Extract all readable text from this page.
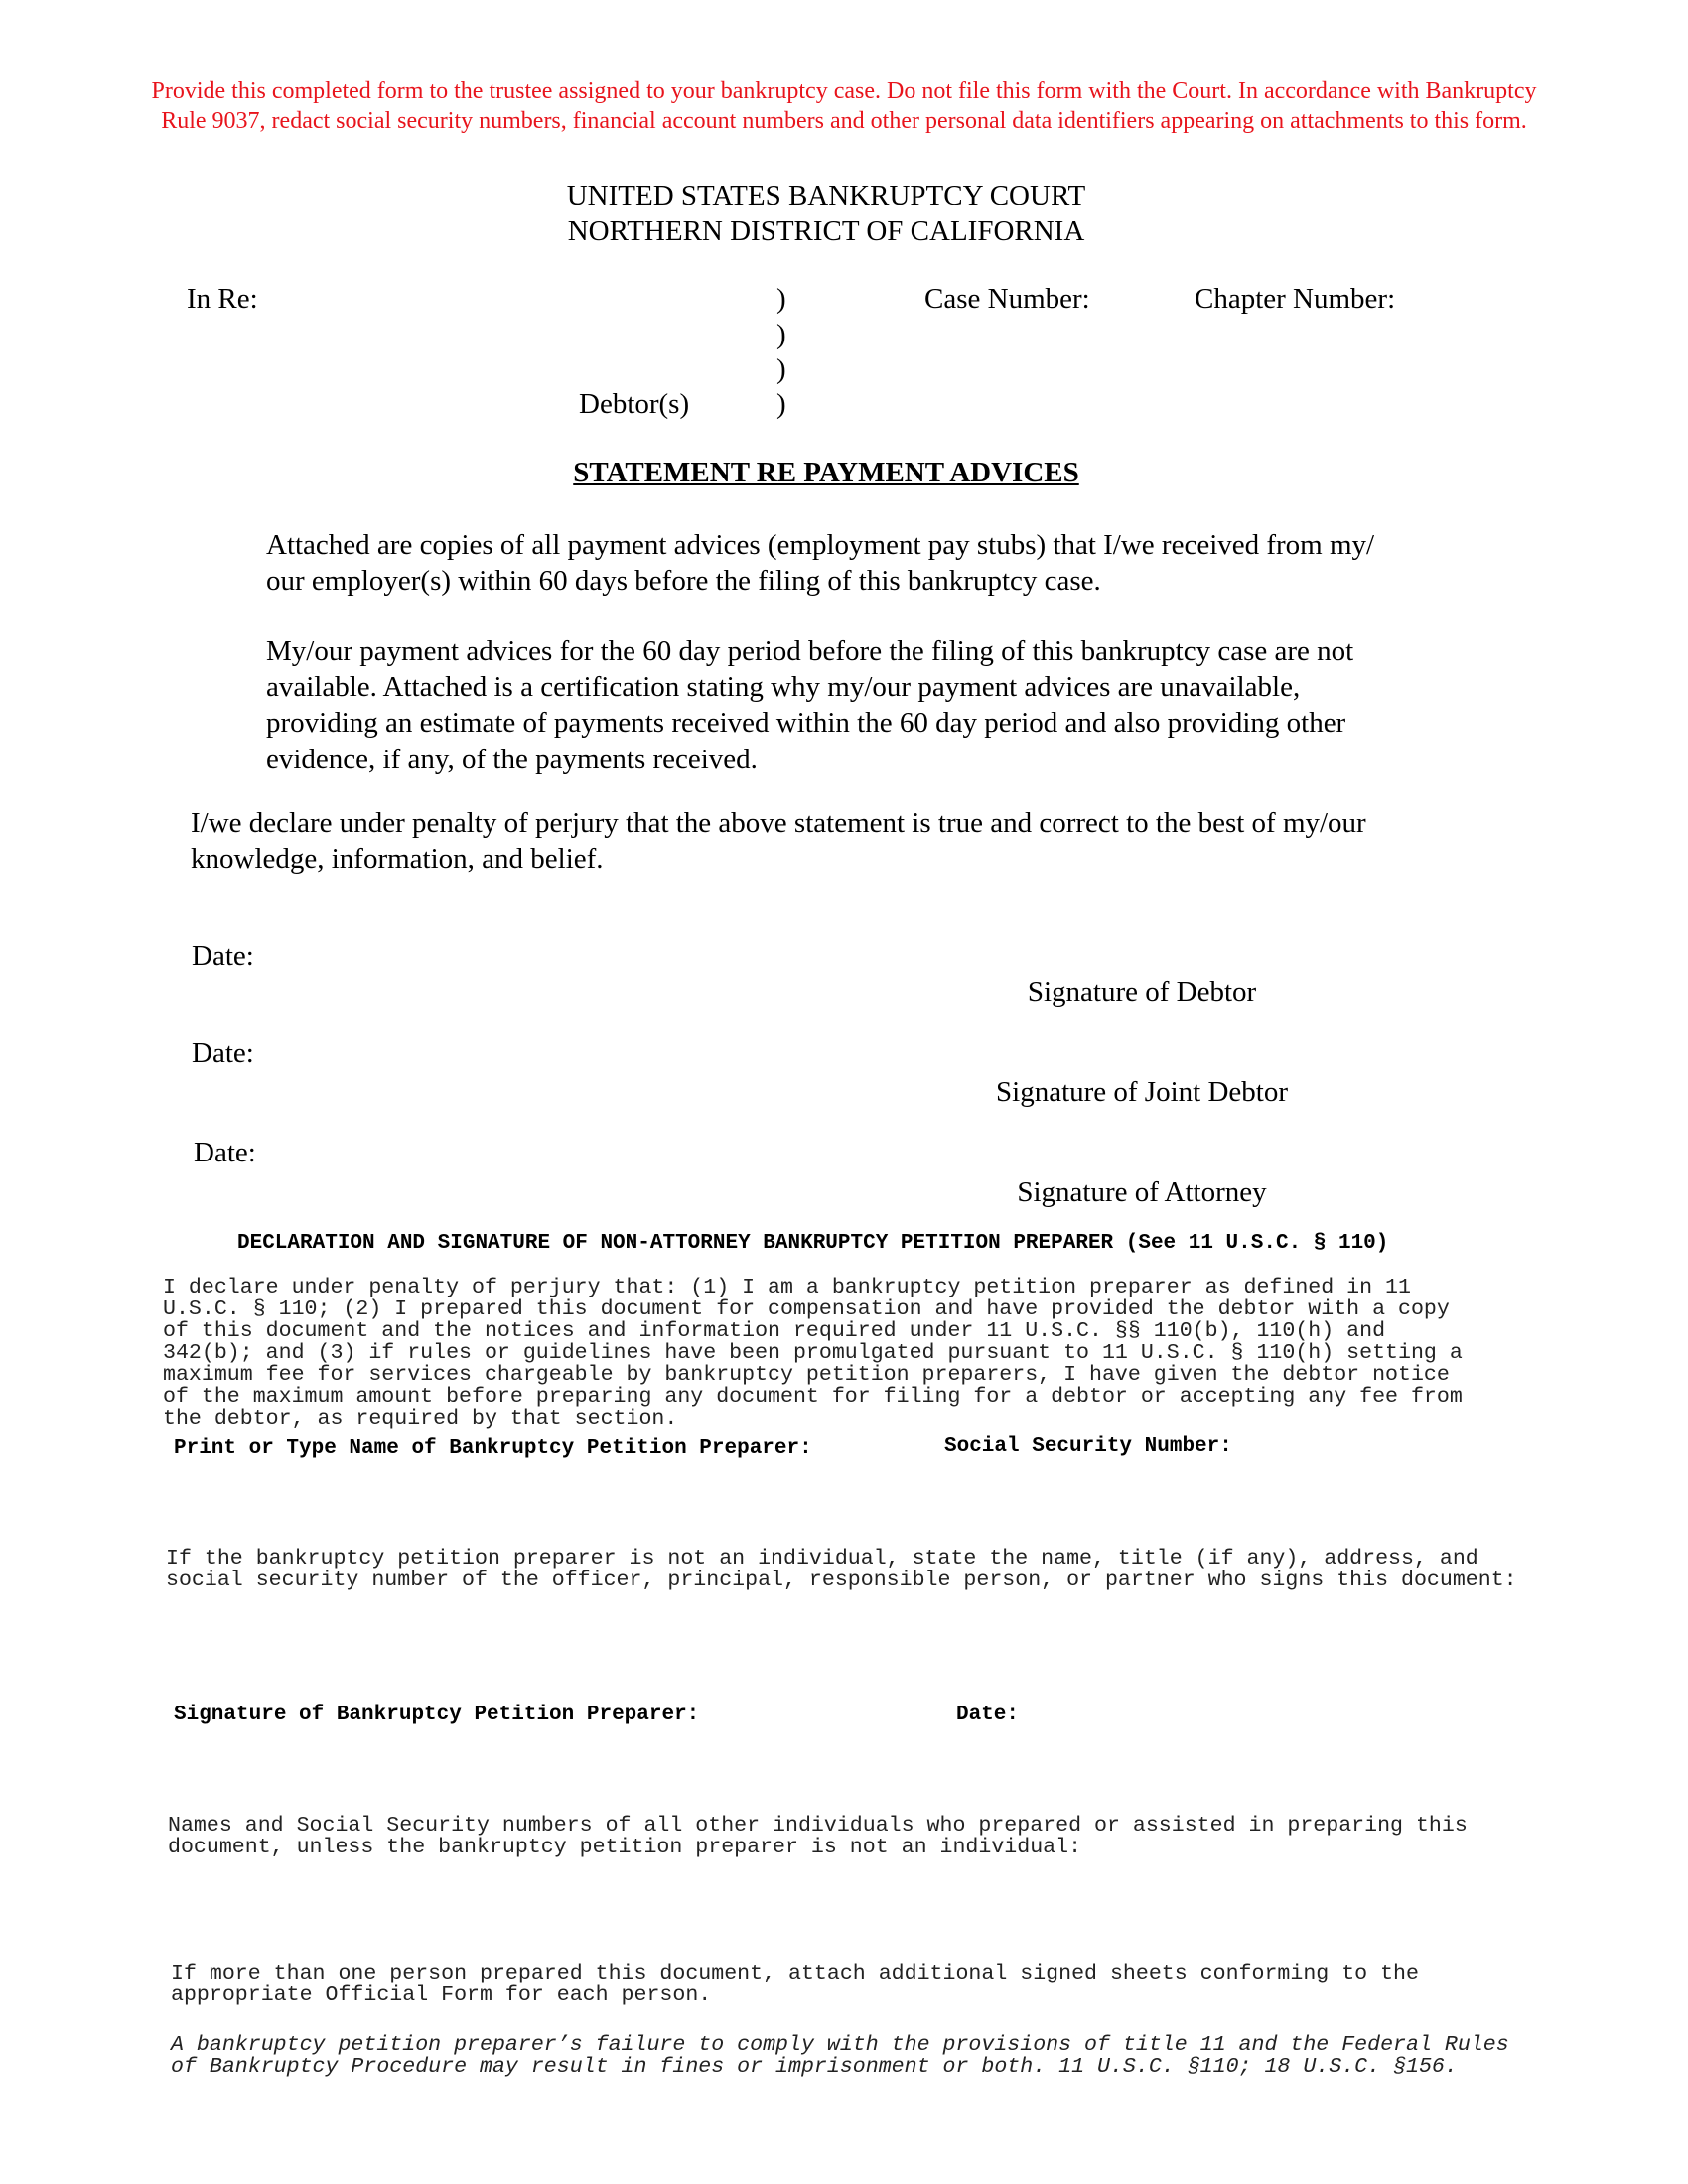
Provide this completed form to the trustee assigned to your bankruptcy case. Do not file this form with the Court. In accordance with Bankruptcy
Rule 9037, redact social security numbers, financial account numbers and other personal data identifiers appearing on attachments to this form.
UNITED STATES BANKRUPTCY COURT
NORTHERN DISTRICT OF CALIFORNIA
In Re:	)
)
)
)
Debtor(s)
Case Number:	Chapter Number:
STATEMENT RE PAYMENT ADVICES
Attached are copies of all payment advices (employment pay stubs) that I/we received from my/
our employer(s) within 60 days before the filing of this bankruptcy case.
My/our payment advices for the 60 day period before the filing of this bankruptcy case are not
available. Attached is a certification stating why my/our payment advices are unavailable,
providing an estimate of payments received within the 60 day period and also providing other
evidence, if any, of the payments received.
I/we declare under penalty of perjury that the above statement is true and correct to the best of my/our
knowledge, information, and belief.
Date:
Signature of Debtor
Date:
Signature of Joint Debtor
Date:
Signature of Attorney
DECLARATION AND SIGNATURE OF NON-ATTORNEY BANKRUPTCY PETITION PREPARER (See 11 U.S.C. § 110)
I declare under penalty of perjury that: (1) I am a bankruptcy petition preparer as defined in 11
U.S.C. § 110; (2) I prepared this document for compensation and have provided the debtor with a copy
of this document and the notices and information required under 11 U.S.C. §§ 110(b), 110(h) and
342(b); and (3) if rules or guidelines have been promulgated pursuant to 11 U.S.C. § 110(h) setting a
maximum fee for services chargeable by bankruptcy petition preparers, I have given the debtor notice
of the maximum amount before preparing any document for filing for a debtor or accepting any fee from
the debtor, as required by that section.
Print or Type Name of Bankruptcy Petition Preparer:	Social Security Number:
If the bankruptcy petition preparer is not an individual, state the name, title (if any), address, and
social security number of the officer, principal, responsible person, or partner who signs this document:
Signature of Bankruptcy Petition Preparer:	Date:
Names and Social Security numbers of all other individuals who prepared or assisted in preparing this
document, unless the bankruptcy petition preparer is not an individual:
If more than one person prepared this document, attach additional signed sheets conforming to the
appropriate Official Form for each person.
A bankruptcy petition preparer’s failure to comply with the provisions of title 11 and the Federal Rules
of Bankruptcy Procedure may result in fines or imprisonment or both. 11 U.S.C. §110; 18 U.S.C. §156.
